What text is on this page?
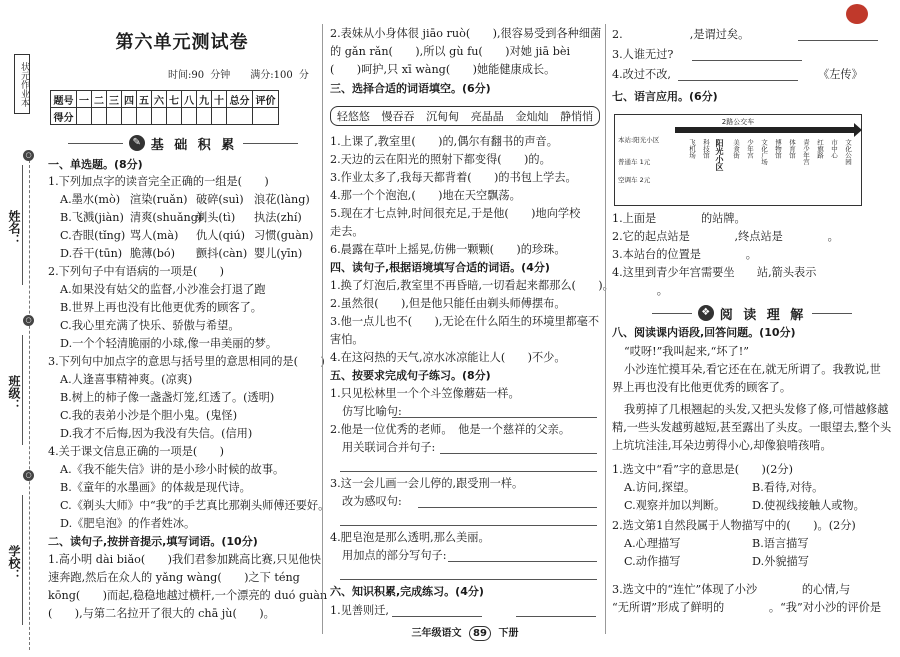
状元作业本
姓名：
○
○
班级：
○
学校：
第六单元测试卷
时间:90 分钟　　满分:100 分
题号	一	二	三	四	五	六	七	八	九	十	总分	评价
得分												
✎ 基 础 积 累
一、单选题。(8分)
1.下列加点字的读音完全正确的一组是(　　)
A.墨水(mò) 渲染(ruǎn) 破碎(suì) 浪花(làng)
B.飞溅(jiàn) 清爽(shuǎng)
剃头(tì) 执法(zhí)
C.杏眼(tǐng) 骂人(mà) 仇人(qiú) 习惯(guàn)
D.吞干(tūn) 脆薄(bó) 颤抖(càn) 婴儿(yīn)
2.下列句子中有语病的一项是(　　)
A.如果没有姑父的监督,小沙准会打退了跑
B.世界上再也没有比他更优秀的顾客了。
C.我心里充满了快乐、骄傲与希望。
D.一个个轻清脆丽的小球,像一串美丽的梦。
3.下列句中加点字的意思与括号里的意思相同的是(　　)
A.人逢喜事精神爽。(凉爽)
B.树上的柿子像一盏盏灯笼,红透了。(透明)
C.我的表弟小沙是个胆小鬼。(鬼怪)
D.我才不后悔,因为我没有失信。(信用)
4.关于课文信息正确的一项是(　　)
A.《我不能失信》讲的是小珍小时候的故事。
B.《童年的水墨画》的体裁是现代诗。
C.《剃头大师》中“我”的手艺真比那剃头师傅还要好。
D.《肥皂泡》的作者姓冰。
二、读句子,按拼音提示,填写词语。(10分)
1.高小明 dài biǎo(　　)我们君参加跳高比赛,只见他快
速奔跑,然后在众人的 yǎng wàng(　　)之下 téng
kōng(　　)而起,稳稳地越过横杆,一个漂亮的 duó guàn
(　　),与第二名拉开了很大的 chā jù(　　)。
2.表妹从小身体很 jiāo ruò(　　),很容易受到各种细菌
的 gǎn rǎn(　　),所以 gù fu(　　)对她 jiā bèi
(　　)呵护,只 xī wàng(　　)她能健康成长。
三、选择合适的词语填空。(6分)
轻悠悠 慢吞吞 沉甸甸 亮晶晶 金灿灿 静悄悄
1.上课了,教室里(　　)的,偶尔有翻书的声音。
2.天边的云在阳光的照射下都变得(　　)的。
3.作业太多了,我每天都背着(　　)的书包上学去。
4.那一个个泡泡,(　　)地在天空飘荡。
5.现在才七点钟,时间很充足,于是他(　　)地向学校
走去。
6.晨露在草叶上摇晃,仿佛一颗颗(　　)的珍珠。
四、读句子,根据语境填写合适的词语。(4分)
1.换了灯泡后,教室里不再昏暗,一切看起来都那么(　　)。
2.虽然很(　　),但是他只能任由剃头师傅摆布。
3.他一点儿也不(　　),无论在什么陌生的环境里都毫不
害怕。
4.在这闷热的天气,凉水冰凉能让人(　　)不少。
五、按要求完成句子练习。(8分)
1.只见松林里一个个斗笠像蘑菇一样。
仿写比喻句:
2.他是一位优秀的老师。　他是一个慈祥的父亲。
用关联词合并句子:
3.这一会儿画一会儿停的,跟受刑一样。
改为感叹句:
4.肥皂泡是那么透明,那么美丽。
用加点的部分写句子:
六、知识积累,完成练习。(4分)
1.见善则迁,
三年级语文 89 下册
2.　　　　　　,是谓过矣。
3.人谁无过?
4.改过不改,	《左传》
七、语言应用。(6分)
2路公交车
本站:阳光小区
普通车 1元
空调车 2元
飞机场 科技馆 阳光小区 美食街 少年宫 文化广场 博物馆 体育馆 青少年宫 红旗路 市中心 文化公园
1.上面是　　　　的站牌。
2.它的起点站是　　　　,终点站是　　　　。
3.本站台的位置是　　　　。
4.这里到青少年宫需要坐　　站,箭头表示
　　　　。
❖ 阅 读 理 解
八、阅读课内语段,回答问题。(10分)
“哎呀!”我叫起来,“坏了!”
小沙连忙摸耳朵,看它还在在,就无所谓了。我教说,世
界上再也没有比他更优秀的顾客了。
我剪掉了几根翘起的头发,又把头发修了修,可惜越修越
精,一些头发越剪越短,甚至露出了头皮。一眼望去,整个头
上坑坑洼洼,耳朵边剪得小心,却像狼啃孩啃。
1.选文中“看”字的意思是(　　)(2分)
A.访问,探望。	B.看待,对待。
C.观察并加以判断。 D.使视线接触人或物。
2.选文第1自然段属于人物描写中的(　　)。(2分)
A.心理描写	B.语言描写
C.动作描写	D.外貌描写
3.选文中的“连忙”体现了小沙　　　　的心情,与
“无所谓”形成了鲜明的　　　　。“我”对小沙的评价是
